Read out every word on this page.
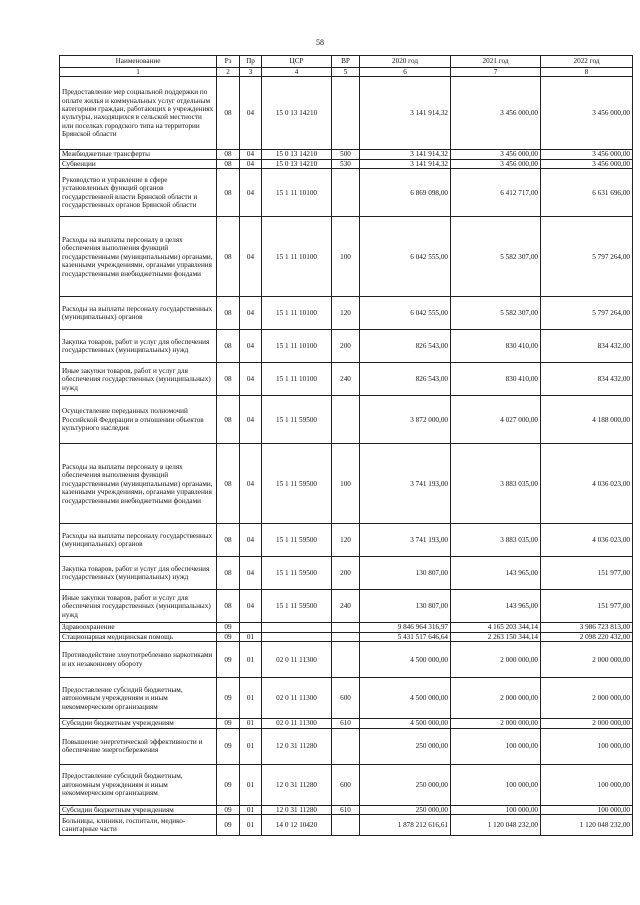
58
Наименование	Рз	Пр	ЦСР	ВР	2020 год	2021 год	2022 год
1	2	3	4	5	6	7	8
Предоставление мер социальной поддержки по оплате жилья и коммунальных услуг отдельным категориям граждан, работающих в учреждениях культуры, находящихся в сельской местности или поселках городского типа на территории Брянской области	08	04	15 0 13 14210		3 141 914,32	3 456 000,00	3 456 000,00
Межбюджетные трансферты	08	04	15 0 13 14210	500	3 141 914,32	3 456 000,00	3 456 000,00
Субвенции	08	04	15 0 13 14210	530	3 141 914,32	3 456 000,00	3 456 000,00
Руководство и управление в сфере установленных функций органов государственной власти Брянской области и государственных органов Брянской области	08	04	15 1 11 10100		6 869 098,00	6 412 717,00	6 631 696,00
Расходы на выплаты персоналу в целях обеспечения выполнения функций государственными (муниципальными) органами, казенными учреждениями, органами управления государственными внебюджетными фондами	08	04	15 1 11 10100	100	6 042 555,00	5 582 307,00	5 797 264,00
Расходы на выплаты персоналу государственных (муниципальных) органов	08	04	15 1 11 10100	120	6 042 555,00	5 582 307,00	5 797 264,00
Закупка товаров, работ и услуг для обеспечения государственных (муниципальных) нужд	08	04	15 1 11 10100	200	826 543,00	830 410,00	834 432,00
Иные закупки товаров, работ и услуг для обеспечения государственных (муниципальных) нужд	08	04	15 1 11 10100	240	826 543,00	830 410,00	834 432,00
Осуществление переданных полномочий Российской Федерации в отношении объектов культурного наследия	08	04	15 1 11 59500		3 872 000,00	4 027 000,00	4 188 000,00
Расходы на выплаты персоналу в целях обеспечения выполнения функций государственными (муниципальными) органами, казенными учреждениями, органами управления государственными внебюджетными фондами	08	04	15 1 11 59500	100	3 741 193,00	3 883 035,00	4 036 023,00
Расходы на выплаты персоналу государственных (муниципальных) органов	08	04	15 1 11 59500	120	3 741 193,00	3 883 035,00	4 036 023,00
Закупка товаров, работ и услуг для обеспечения государственных (муниципальных) нужд	08	04	15 1 11 59500	200	130 807,00	143 965,00	151 977,00
Иные закупки товаров, работ и услуг для обеспечения государственных (муниципальных) нужд	08	04	15 1 11 59500	240	130 807,00	143 965,00	151 977,00
Здравоохранение	09				9 846 964 316,97	4 165 203 344,14	3 986 723 813,00
Стационарная медицинская помощь	09	01			5 431 517 646,64	2 263 150 344,14	2 098 220 432,00
Противодействие злоупотреблению наркотиками и их незаконному обороту	09	01	02 0 11 11300		4 500 000,00	2 000 000,00	2 000 000,00
Предоставление субсидий бюджетным, автономным учреждениям и иным некоммерческим организациям	09	01	02 0 11 11300	600	4 500 000,00	2 000 000,00	2 000 000,00
Субсидии бюджетным учреждениям	09	01	02 0 11 11300	610	4 500 000,00	2 000 000,00	2 000 000,00
Повышение энергетической эффективности и обеспечение энергосбережения	09	01	12 0 31 11280		250 000,00	100 000,00	100 000,00
Предоставление субсидий бюджетным, автономным учреждениям и иным некоммерческим организациям	09	01	12 0 31 11280	600	250 000,00	100 000,00	100 000,00
Субсидии бюджетным учреждениям	09	01	12 0 31 11280	610	250 000,00	100 000,00	100 000,00
Больницы, клиники, госпитали, медико-санитарные части	09	01	14 0 12 10420		1 878 212 616,61	1 120 048 232,00	1 120 048 232,00
